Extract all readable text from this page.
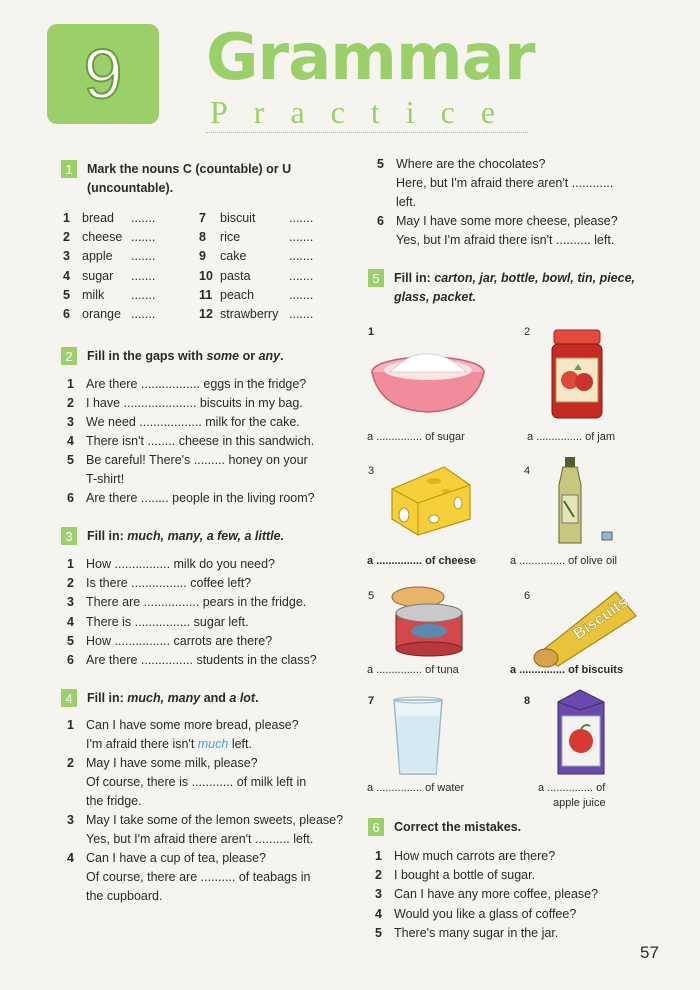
9	Grammar
Practice
1	Mark the nouns C (countable) or U (uncountable).
1 bread .......
2 cheese .......
3 apple .......
4 sugar .......
5 milk .......
6 orange .......
7 biscuit	.......
8 rice	.......
9 cake	.......
10 pasta	.......
11 peach	.......
12 strawberry .......
2	Fill in the gaps with some or any.
1 Are there ................. eggs in the fridge?
2 I have ..................... biscuits in my bag.
3 We need .................. milk for the cake.
4 There isn't ........ cheese in this sandwich.
5 Be careful! There's ......... honey on your
T-shirt!
6 Are there ........ people in the living room?
3	Fill in: much, many, a few, a little.
1 How ................ milk do you need?
2 Is there ................ coffee left?
3 There are ................ pears in the fridge.
4 There is ................ sugar left.
5 How ................ carrots are there?
6 Are there ............... students in the class?
4	Fill in: much, many and a lot.
1 Can I have some more bread, please?
I'm afraid there isn't much left.
2 May I have some milk, please?
Of course, there is ............ of milk left in
the fridge.
3 May I take some of the lemon sweets, please?
Yes, but I'm afraid there aren't .......... left.
4 Can I have a cup of tea, please?
Of course, there are .......... of teabags in
the cupboard.
5 Where are the chocolates?
Here, but I'm afraid there aren't ............
left.
6 May I have some more cheese, please?
Yes, but I'm afraid there isn't .......... left.
5	Fill in: carton, jar, bottle, bowl, tin, piece, glass, packet.
1	2
3	4
5	6
7	8
Biscuits
a ............... of sugar	a ............... of jam
a ............... of cheese	a ............... of olive oil
a ............... of tuna	a ............... of biscuits
a ............... of water	a ............... of
apple juice
6	Correct the mistakes.
1 How much carrots are there?
2 I bought a bottle of sugar.
3 Can I have any more coffee, please?
4 Would you like a glass of coffee?
5 There's many sugar in the jar.
57
